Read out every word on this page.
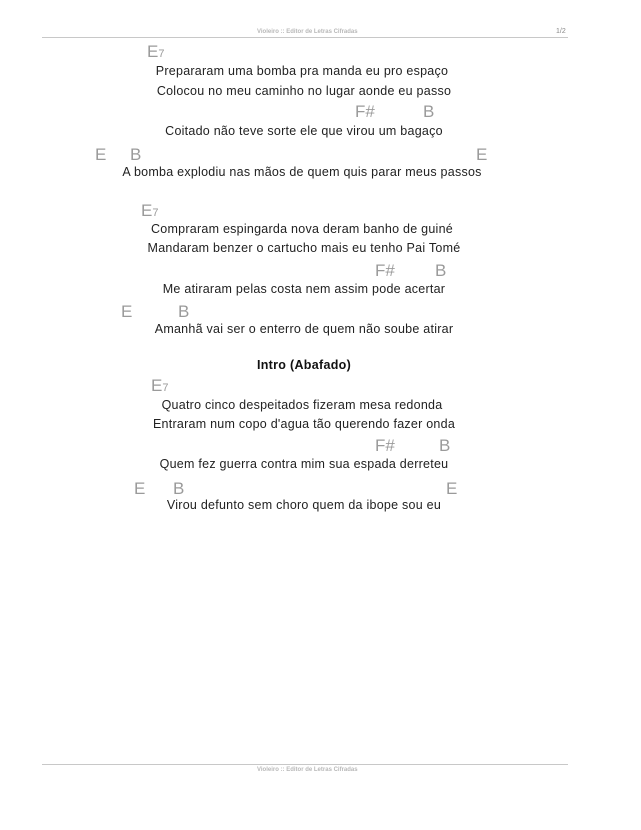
Violeiro :: Editor de Letras Cifradas	1/2
E7
Prepararam uma bomba pra manda eu pro espaço
Colocou no meu caminho no lugar aonde eu passo
F#	B
Coitado não teve sorte ele que virou um bagaço
E B	E
A bomba explodiu nas mãos de quem quis parar meus passos
E7
Compraram espingarda nova deram banho de guiné
Mandaram benzer o cartucho mais eu tenho Pai Tomé
F# B
Me atiraram pelas costa nem assim pode acertar
E	B
Amanhã vai ser o enterro de quem não soube atirar
Intro (Abafado)
E7
Quatro cinco despeitados fizeram mesa redonda
Entraram num copo d'agua tão querendo fazer onda
F#	B
Quem fez guerra contra mim sua espada derreteu
E B	E
Virou defunto sem choro quem da ibope sou eu
Violeiro :: Editor de Letras Cifradas
